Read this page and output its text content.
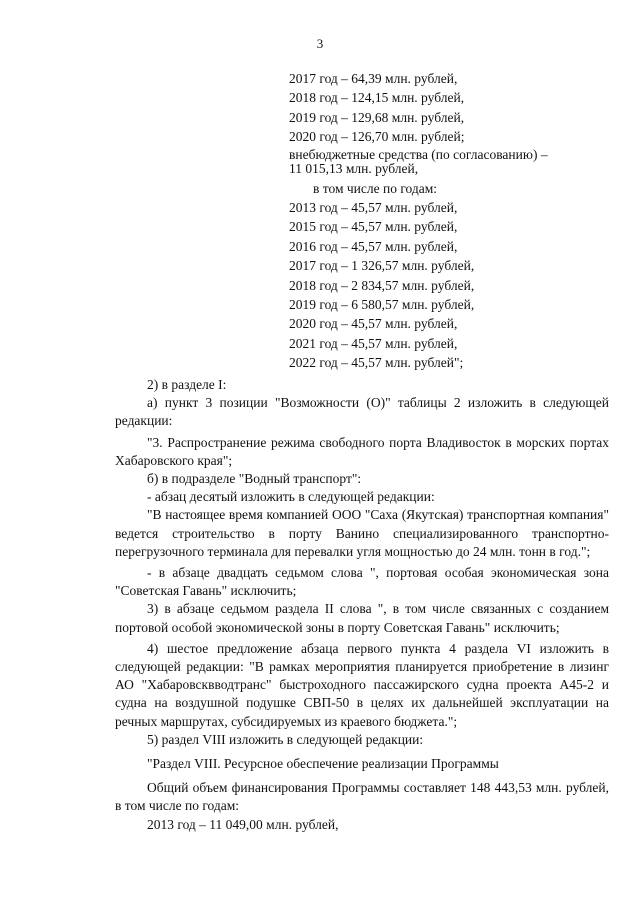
3
2017 год – 64,39 млн. рублей,
2018 год – 124,15 млн. рублей,
2019 год – 129,68 млн. рублей,
2020 год – 126,70 млн. рублей;
внебюджетные средства (по согласованию) –
11 015,13 млн. рублей,
в том числе по годам:
2013 год – 45,57 млн. рублей,
2015 год – 45,57 млн. рублей,
2016 год – 45,57 млн. рублей,
2017 год – 1 326,57 млн. рублей,
2018 год – 2 834,57 млн. рублей,
2019 год – 6 580,57 млн. рублей,
2020 год – 45,57 млн. рублей,
2021 год – 45,57 млн. рублей,
2022 год – 45,57 млн. рублей";

2) в разделе I:

а) пункт 3 позиции "Возможности (О)" таблицы 2 изложить в следующей редакции:

"3. Распространение режима свободного порта Владивосток в морских портах Хабаровского края";

б) в подразделе "Водный транспорт":

- абзац десятый изложить в следующей редакции:

"В настоящее время компанией ООО "Саха (Якутская) транспортная компания" ведется строительство в порту Ванино специализированного транспортно-перегрузочного терминала для перевалки угля мощностью до 24 млн. тонн в год.";

- в абзаце двадцать седьмом слова ", портовая особая экономическая зона "Советская Гавань" исключить;

3) в абзаце седьмом раздела II слова ", в том числе связанных с созданием портовой особой экономической зоны в порту Советская Гавань" исключить;

4) шестое предложение абзаца первого пункта 4 раздела VI изложить в следующей редакции: "В рамках мероприятия планируется приобретение в лизинг АО "Хабаровсквводтранс" быстроходного пассажирского судна проекта А45-2 и судна на воздушной подушке СВП-50 в целях их дальнейшей эксплуатации на речных маршрутах, субсидируемых из краевого бюджета.";

5) раздел VIII изложить в следующей редакции:

"Раздел VIII. Ресурсное обеспечение реализации Программы

Общий объем финансирования Программы составляет 148 443,53 млн. рублей, в том числе по годам:

2013 год – 11 049,00 млн. рублей,
